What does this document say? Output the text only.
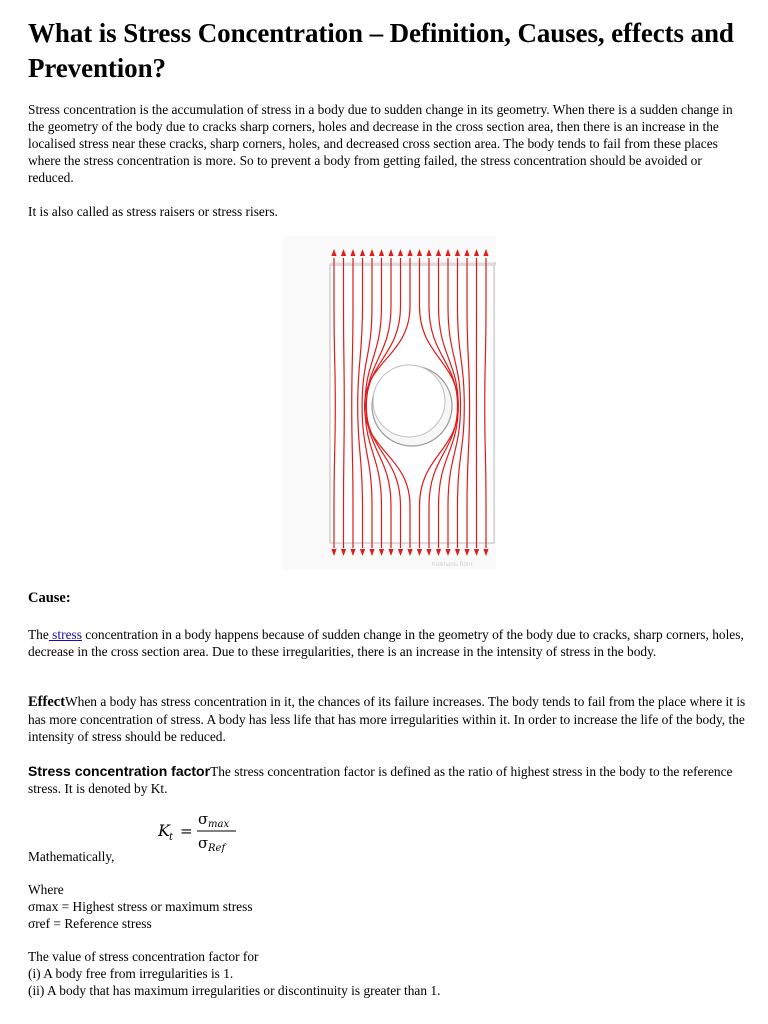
What is Stress Concentration – Definition, Causes, effects and Prevention?

Stress concentration is the accumulation of stress in a body due to sudden change in its geometry. When there is a sudden change in the geometry of the body due to cracks sharp corners, holes and decrease in the cross section area, then there is an increase in the localised stress near these cracks, sharp corners, holes, and decreased cross section area. The body tends to fail from these places where the stress concentration is more. So to prevent a body from getting failed, the stress concentration should be avoided or reduced.

It is also called as stress raisers or stress risers.

Kolkhanis Börrr
Cause:

The stress concentration in a body happens because of sudden change in the geometry of the body due to cracks, sharp corners, holes, decrease in the cross section area. Due to these irregularities, there is an increase in the intensity of stress in the body.

EffectWhen a body has stress concentration in it, the chances of its failure increases. The body tends to fail from the place where it is has more concentration of stress. A body has less life that has more irregularities within it. In order to increase the life of the body, the intensity of stress should be reduced.

Stress concentration factorThe stress concentration factor is defined as the ratio of highest stress in the body to the reference stress. It is denoted by Kt.

K t =
σ max
σ Ref
Mathematically,
Where
σmax = Highest stress or maximum stress
σref = Reference stress
The value of stress concentration factor for
(i) A body free from irregularities is 1.
(ii) A body that has maximum irregularities or discontinuity is greater than 1.
